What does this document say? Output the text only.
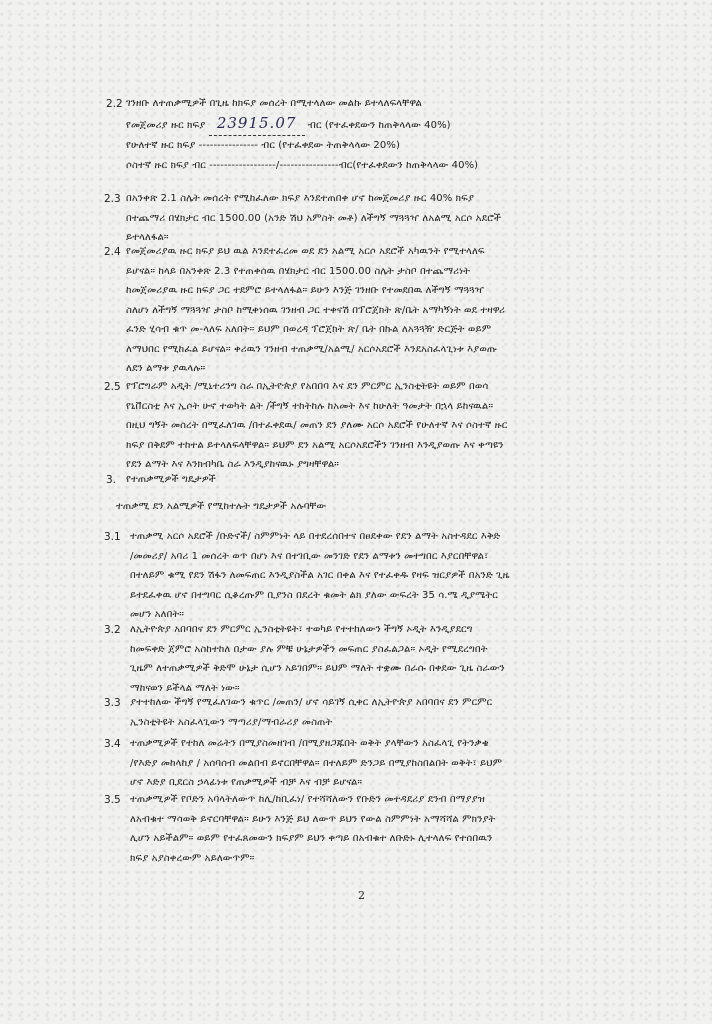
2.2 ገንዘቡ ለተጠቃሚዎች በጊዜ ከክፍያ መሰረት በሚተላለው መልኩ ይተላለፍላቸዋል
የመጀመሪያ ዙር ክፍያ 23915.07 ብር (የተፈቀደውን ከጠቅላላው 40%)
የሁለተኛ ዙር ክፍያ ---------------- ብር (የተፈቀደው ትጠቅላላው 20%)
ሶስተኛ ዙር ክፍያ ብር ------------------/----------------ብር(የተፈቀደውን ከጠቅላላው 40%)
2.3 በአንቀጽ 2.1 ስሌት መሰረት የሚከፈለው ክፍያ እንደተጠበቀ ሆኖ ከመጀመሪያ ዙር 40% ክፍያ
በተጨማሪ በሄክታር ብር 1500.00 (አንድ ሽህ አምስት መቶ) ለችግኝ ማጓጓዣ ለአልሚ አርሶ አደሮች
ይተላለፋል።
2.4 የመጀመሪያዉ ዙር ክፍያ ይህ ዉል እንደተፈረመ ወደ ደን አልሚ አርሶ አደሮች አካዉንት የሚተላለፍ
ይሆናል። ከላይ በአንቀጽ 2.3 የተጠቀሰዉ በሄክታር ብር 1500.00 ስሌት ታስቦ በተጨማሪነት
ከመጀመሪያዉ ዙር ክፍያ ጋር ተደምሮ ይተላለፋል። ይሁን እንጅ ገንዘቡ የተመደበዉ ለችግኝ ማጓጓዣ
ስለሆነ ለችግኝ ማጓጓዣ ታስቦ ከሚቀነሰዉ ገንዘብ ጋር ተቀናሽ በፕሮጀክት ጽ/ቤት አማካኝነት ወደ ተዛዋሪ
ፈንድ ሂሳብ ቁጥ መ-ላለፍ አለበት። ይህም በወረዳ ፕሮጀክት ጽ/ ቤት በኩል ለአጓጓዥ ድርጅት ወይም
ለማህበር የሚከፈል ይሆናል። ቀሪዉን ገንዘብ ተጠቃሚ/አልሚ/ አርሶአደሮች እንደአስፈላጊነቱ እያወጡ
ለደን ልማቱ ያዉላሉ።
2.5 የፕሮግራም አዲት /ሚኒተሪንግ ስራ በኢትዮጵያ የአበበባ እና ደን ምርምር ኢንስቲትዩት ወይም በወሳ
የኒቨርስቲ እና ኢሶት ሁኖ ተወካት ልት /ችግኝ ተከትከሉ ከአመት እና ከሁለት ዓመታት በኋላ ይከናዉል።
በዚህ ግኝት መሰረት በሚፈለገዉ /በተፈቀደዉ/ መጠን ደን ያለሙ አርሶ አደሮች የሁለተኛ እና ሶስተኛ ዙር
ክፍያ በቅደም ተከተል ይተላለፍላቸዋል። ይህም ደን አልሚ አርሶአደሮችን ገንዘብ እንዲያወጡ እና ቀጣዩን
የደን ልማት እና እንክብካቤ ስራ እንዲያከናዉኑ ያግዛቸዋል።
3. የተጠቃሚዎች ግዴታዎች
ተጠቃሚ ደን አልሚዎች የሚከተሉት ግዴታዎች አሉባቸው
3.1 ተጠቃሚ አርሶ አደሮች /ቡድኖች/ ስምምነት ላይ በተደረሰበተና በፀደቀው የደን ልማት አስተዳደር እቅድ
/መመሪያ/ አባሪ 1 መሰረት ወጥ በሆነ እና በተገቢው መንገድ የደን ልማቱን መተግበር እያርበቸዋል፣
በተለይም ቁሚ የደን ሽፋን ለመፍጠር እንዲያስችል አገር በቀል እና የተፈቀዱ የዛፍ ዝርያዎች በአንድ ጊዜ
ይተደፈቀዉ ሆኖ በተግባር ሲቆረጡም ቢያንስ በደረት ቁመት ልክ ያለው ውፍረት 35 ሳ.ሜ ዲያሜትር
መሆን አለበት።
3.2 ለኢትዮጵያ አበባበና ደን ምርምር ኢንስቲትዩት፣ ተወካይ የተተከለውን ችግኝ ኦዲት እንዲያደርግ
ከመፍቀድ ጀምሮ አስከተከለ በታው ያሉ ምቹ ሁኔታዎችን መፍጠር ያስፈልጋል። ኦዲት የሚደረግበት
ጊዜም ለተጠቃሚዎች ቅድሞ ሁኔታ ሲሆን አይገበም። ይህም ማለት ተቋሙ በራሱ በቀደው ጊዜ ስራውን
ማከናወን ይችላል ማለት ነው።
3.3 ያተተከለው ችግኝ የሚፈለገውን ቁጥር /መጠን/ ሆኖ ሳይገኝ ሲቀር ለኢትዮጵያ አበባበና ደን ምርምር
ኢንስቲትዩት አስፈላጊውን ማጣሪያ/ማብራሪያ መስጠት
3.4 ተጠቃሚዎች የተከለ መሬትን በሚያስመዘገብ /በሚያዘጋጁበት ወቅት ያላቸውን አስፈላጊ የትንቃቄ
/የእድያ መከላከያ / አሰባሰብ መልበብ ይኖርበቸዋል። በተለይም ድንጋይ በሚያከስበልበት ወቅት፣ ይህም
ሆኖ እድያ ቢደርስ ኃላፊነቱ የጠቃሚዎች ብቻ እና ብቻ ይሆናል።
3.5 ተጠቃሚዎች የቦድን አባላትለውጥ ከሊ/ከቢፈነ/ የተሻሻለውን የቡድን መተዳደሪያ ደንብ በማያያዝ
ለአብቁተ ማሳወቅ ይኖርባቸዋል። ይሁን እንጅ ይህ ለውጥ ይህን የውል ስምምነት አማሻሻል ምክንያት
ሊሆን አይችልም። ወይም የተፈጸመውን ክፍያም ይህን ቀጣይ በአብቁተ ለቡድኑ ሊተላለፍ የተሰበዉን
ክፍያ አያስቀረውም አይለውጥም።
2
